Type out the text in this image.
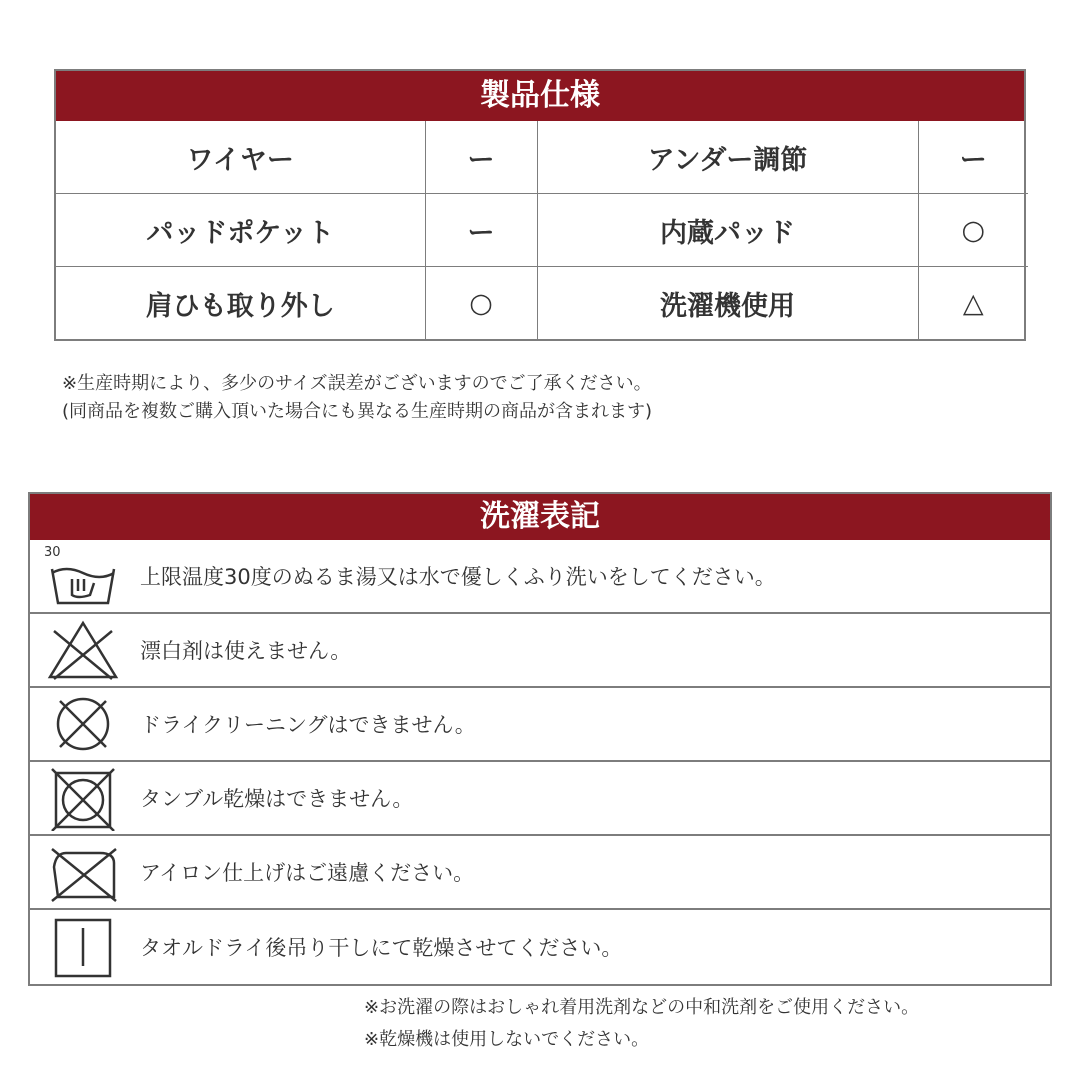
製品仕様
ワイヤー	ー	アンダー調節	ー
パッドポケット	ー	内蔵パッド	○
肩ひも取り外し	○	洗濯機使用	△
※生産時期により、多少のサイズ誤差がございますのでご了承ください。
(同商品を複数ご購入頂いた場合にも異なる生産時期の商品が含まれます)
洗濯表記
30
上限温度30度のぬるま湯又は水で優しくふり洗いをしてください。
漂白剤は使えません。
ドライクリーニングはできません。
タンブル乾燥はできません。
アイロン仕上げはご遠慮ください。
タオルドライ後吊り干しにて乾燥させてください。
※お洗濯の際はおしゃれ着用洗剤などの中和洗剤をご使用ください。
※乾燥機は使用しないでください。
